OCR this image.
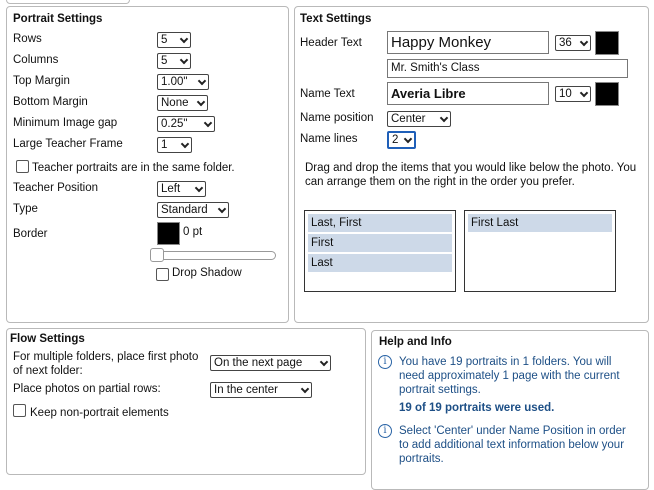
Portrait Settings
Rows	5
Columns	5
Top Margin	1.00"
Bottom Margin	None
Minimum Image gap	0.25"
Large Teacher Frame	1
Teacher portraits are in the same folder.
Teacher Position	Left
Type	Standard
Border	0 pt
Drop Shadow
Text Settings
Header Text Happy Monkey	36
Mr. Smith's Class
Name Text	Averia Libre	10
Name position	Center
Name lines	2
Drag and drop the items that you would like below the photo. You can arrange them on the right in the order you prefer.
Last, First
First
Last
First Last
Flow Settings
For multiple folders, place first photo of next folder:
On the next page
Place photos on partial rows:	In the center
Keep non-portrait elements
Help and Info
i	You have 19 portraits in 1 folders. You will need approximately 1 page with the current portrait settings.
19 of 19 portraits were used.
i	Select 'Center' under Name Position in order to add additional text information below your portraits.
